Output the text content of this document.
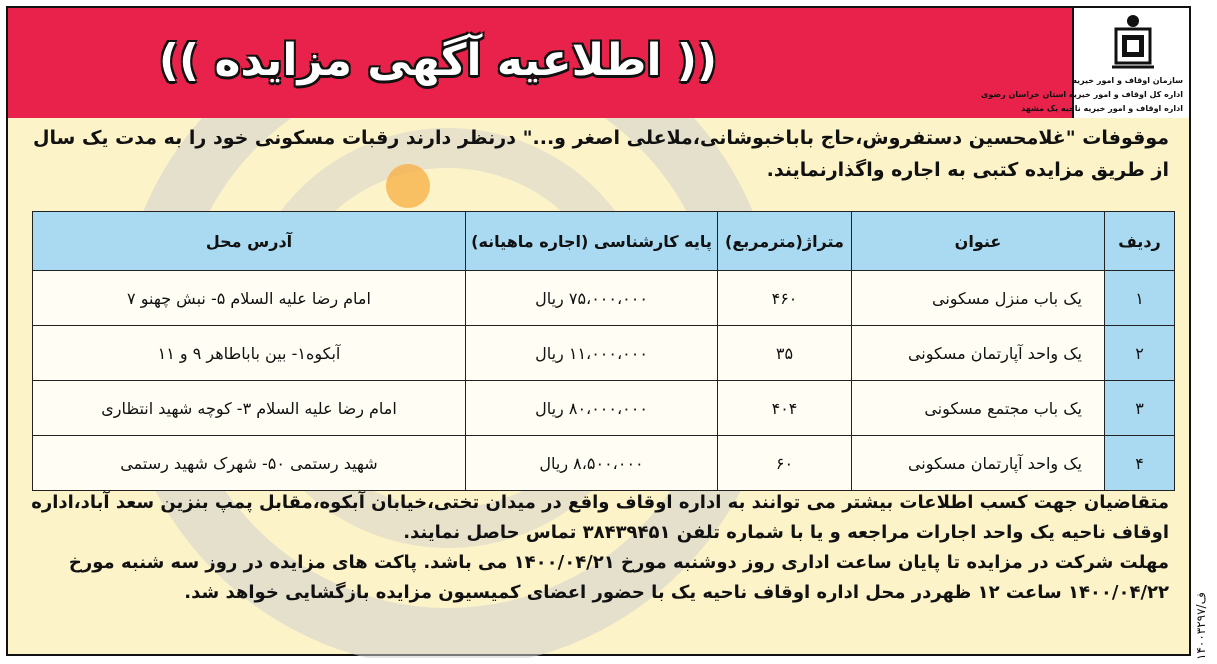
(( اطلاعیه آگهی مزایده ))	سازمان اوقاف و امور خیریه
اداره کل اوقاف و امور خیریه استان خراسان رضوی
اداره اوقاف و امور خیریه ناحیه یک مشهد
موقوفات "غلامحسین دستفروش،حاج باباخبوشانی،ملاعلی اصغر و..." درنظر دارند رقبات مسکونی خود را به مدت یک سال از طریق مزایده کتبی به اجاره واگذارنمایند.
ردیف	عنوان	متراژ(مترمربع)	پایه کارشناسی (اجاره ماهیانه)	آدرس محل
۱	یک باب منزل مسکونی	۴۶۰	۷۵،۰۰۰،۰۰۰ ریال	امام رضا علیه السلام ۵- نبش چهنو ۷
۲	یک واحد آپارتمان مسکونی	۳۵	۱۱،۰۰۰،۰۰۰ ریال	آبکوه۱- بین باباطاهر ۹ و ۱۱
۳	یک باب مجتمع مسکونی	۴۰۴	۸۰،۰۰۰،۰۰۰ ریال	امام رضا علیه السلام ۳- کوچه شهید انتظاری
۴	یک واحد آپارتمان مسکونی	۶۰	۸،۵۰۰،۰۰۰ ریال	شهید رستمی ۵۰- شهرک شهید رستمی
متقاضیان جهت کسب اطلاعات بیشتر می توانند به اداره اوقاف واقع در میدان تختی،خیابان آبکوه،مقابل پمپ بنزین سعد آباد،اداره اوقاف ناحیه یک واحد اجارات مراجعه و یا با شماره تلفن ۳۸۴۳۹۴۵۱ تماس حاصل نمایند.
مهلت شرکت در مزایده تا پایان ساعت اداری روز دوشنبه مورخ ۱۴۰۰/۰۴/۲۱ می باشد. پاکت های مزایده در روز سه شنبه مورخ ۱۴۰۰/۰۴/۲۲ ساعت ۱۲ ظهردر محل اداره اوقاف ناحیه یک با حضور اعضای کمیسیون مزایده بازگشایی خواهد شد.
۱۴۰۰۳۲۹۷/ف
